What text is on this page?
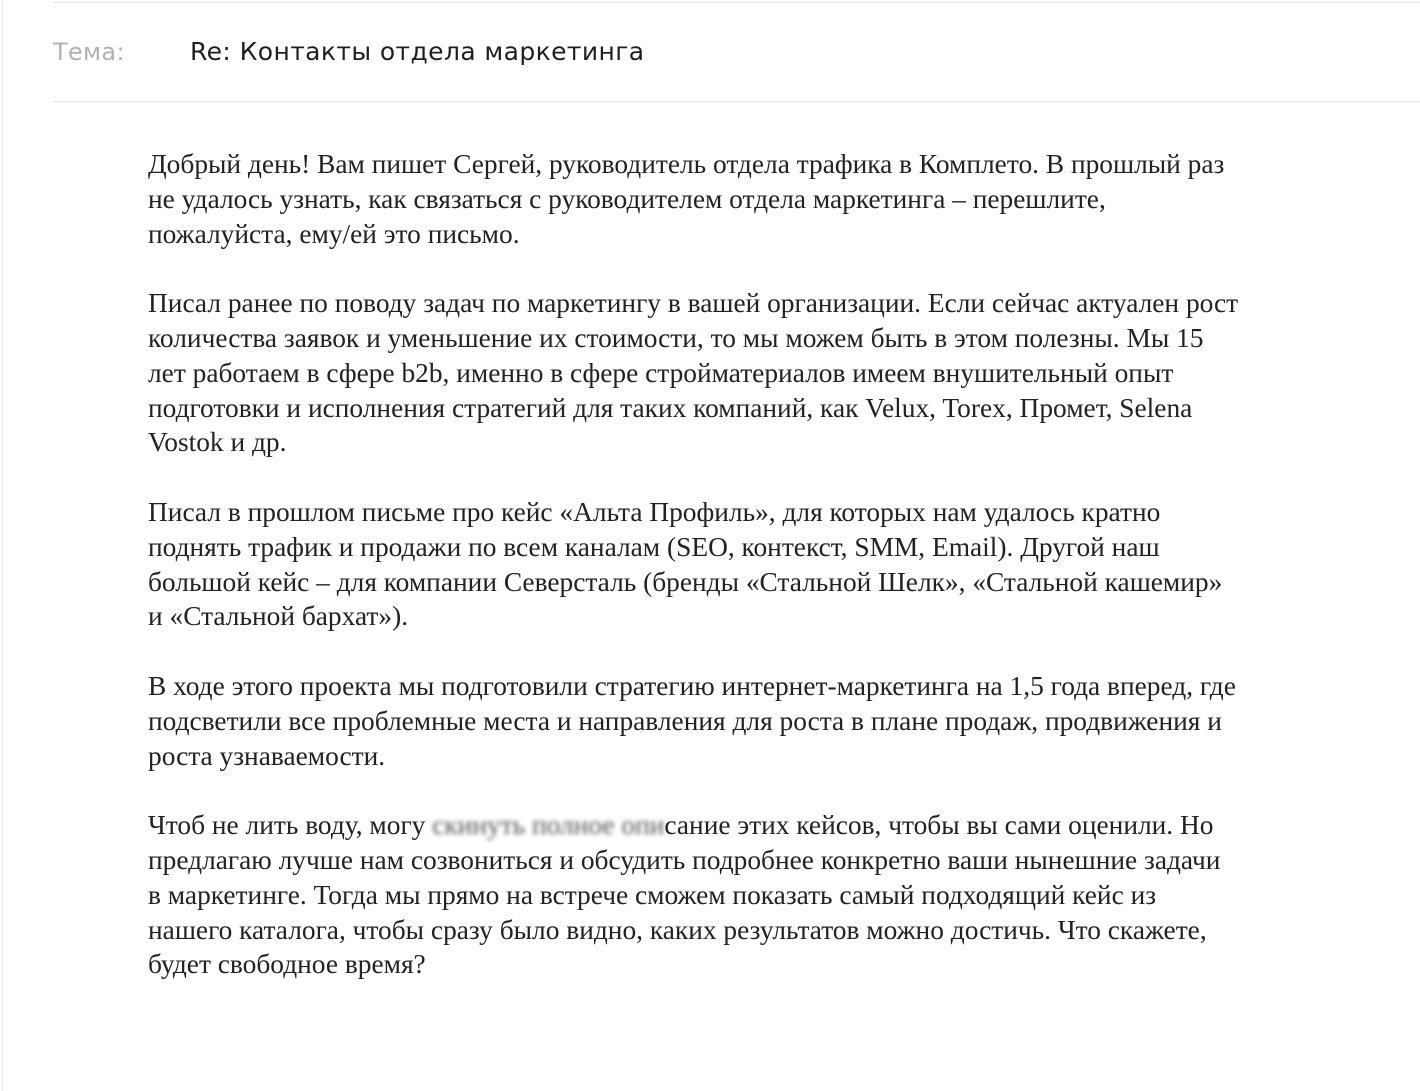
Тема:	Re: Контакты отдела маркетинга

Добрый день! Вам пишет Сергей, руководитель отдела трафика в Комплето. В прошлый раз
не удалось узнать, как связаться с руководителем отдела маркетинга – перешлите,
пожалуйста, ему/ей это письмо.

Писал ранее по поводу задач по маркетингу в вашей организации. Если сейчас актуален рост
количества заявок и уменьшение их стоимости, то мы можем быть в этом полезны. Мы 15
лет работаем в сфере b2b, именно в сфере стройматериалов имеем внушительный опыт
подготовки и исполнения стратегий для таких компаний, как Velux, Torex, Промет, Selena
Vostok и др.

Писал в прошлом письме про кейс «Альта Профиль», для которых нам удалось кратно
поднять трафик и продажи по всем каналам (SEO, контекст, SMM, Email). Другой наш
большой кейс – для компании Северсталь (бренды «Стальной Шелк», «Стальной кашемир»
и «Стальной бархат»).

В ходе этого проекта мы подготовили стратегию интернет-маркетинга на 1,5 года вперед, где
подсветили все проблемные места и направления для роста в плане продаж, продвижения и
роста узнаваемости.

Чтоб не лить воду, могу скинуть полное описание этих кейсов, чтобы вы сами оценили. Но
предлагаю лучше нам созвониться и обсудить подробнее конкретно ваши нынешние задачи
в маркетинге. Тогда мы прямо на встрече сможем показать самый подходящий кейс из
нашего каталога, чтобы сразу было видно, каких результатов можно достичь. Что скажете,
будет свободное время?
